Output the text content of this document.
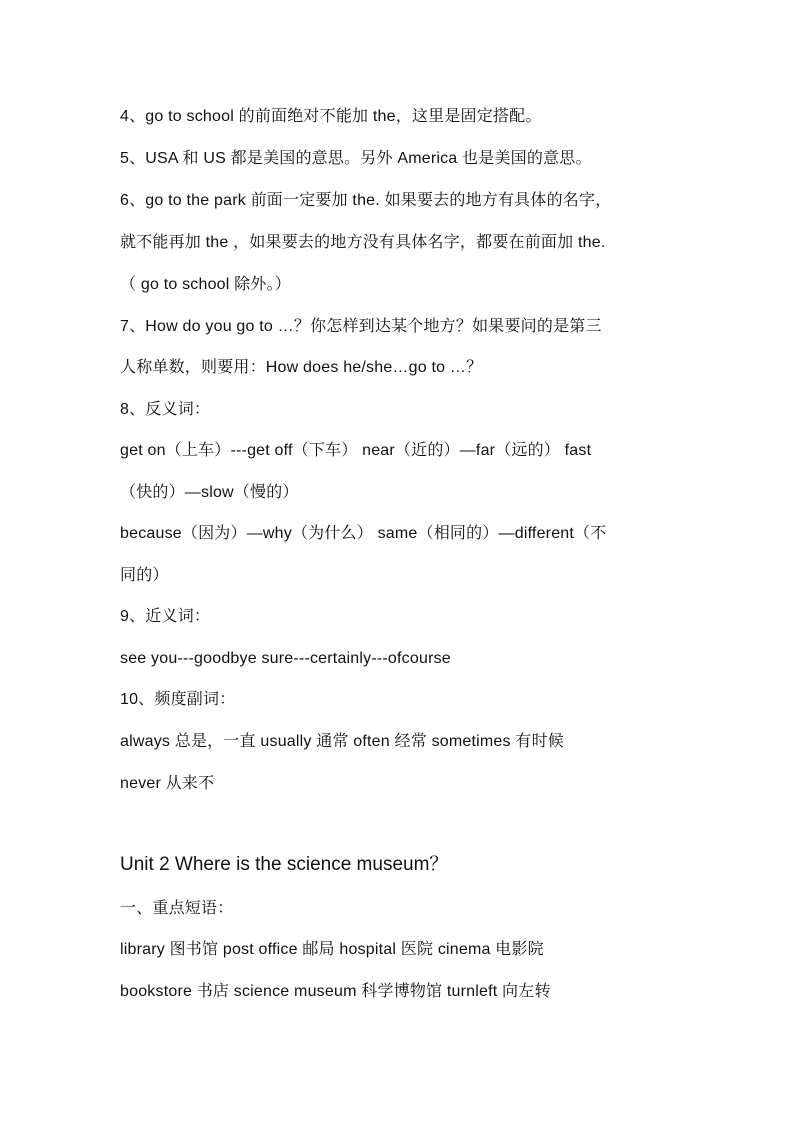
4、go to school 的前面绝对不能加 the，这里是固定搭配。
5、USA 和 US 都是美国的意思。另外 America 也是美国的意思。
6、go to the park 前面一定要加 the. 如果要去的地方有具体的名字，
就不能再加 the ，如果要去的地方没有具体名字，都要在前面加 the.
（ go to school 除外。）
7、How do you go to …？你怎样到达某个地方？如果要问的是第三
人称单数，则要用：How does he/she…go to …？
8、反义词：
get on（上车）---get off（下车） near（近的）—far（远的） fast
（快的）—slow（慢的）
because（因为）—why（为什么） same（相同的）—different（不
同的）
9、近义词：
see you---goodbye sure---certainly---ofcourse
10、频度副词：
always 总是，一直 usually 通常 often 经常 sometimes 有时候
never 从来不
Unit 2 Where is the science museum？
一、重点短语：
library 图书馆 post office 邮局 hospital 医院 cinema 电影院
bookstore 书店 science museum 科学博物馆 turnleft 向左转
